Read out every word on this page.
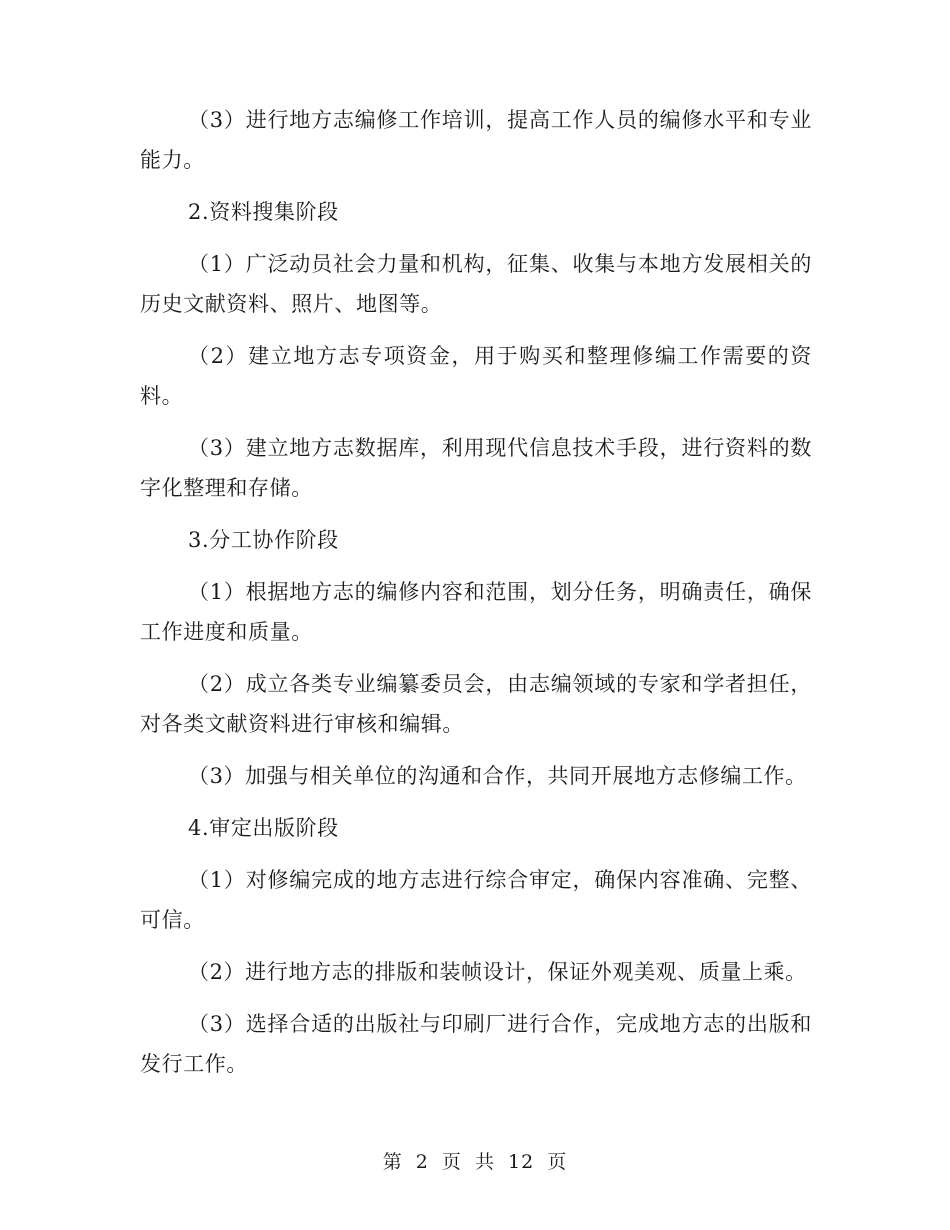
（3）进行地方志编修工作培训，提高工作人员的编修水平和专业能力。

2.资料搜集阶段

（1）广泛动员社会力量和机构，征集、收集与本地方发展相关的历史文献资料、照片、地图等。

（2）建立地方志专项资金，用于购买和整理修编工作需要的资料。

（3）建立地方志数据库，利用现代信息技术手段，进行资料的数字化整理和存储。

3.分工协作阶段

（1）根据地方志的编修内容和范围，划分任务，明确责任，确保工作进度和质量。

（2）成立各类专业编纂委员会，由志编领域的专家和学者担任，对各类文献资料进行审核和编辑。

（3）加强与相关单位的沟通和合作，共同开展地方志修编工作。

4.审定出版阶段

（1）对修编完成的地方志进行综合审定，确保内容准确、完整、可信。

（2）进行地方志的排版和装帧设计，保证外观美观、质量上乘。

（3）选择合适的出版社与印刷厂进行合作，完成地方志的出版和发行工作。

第 2 页 共 12 页
